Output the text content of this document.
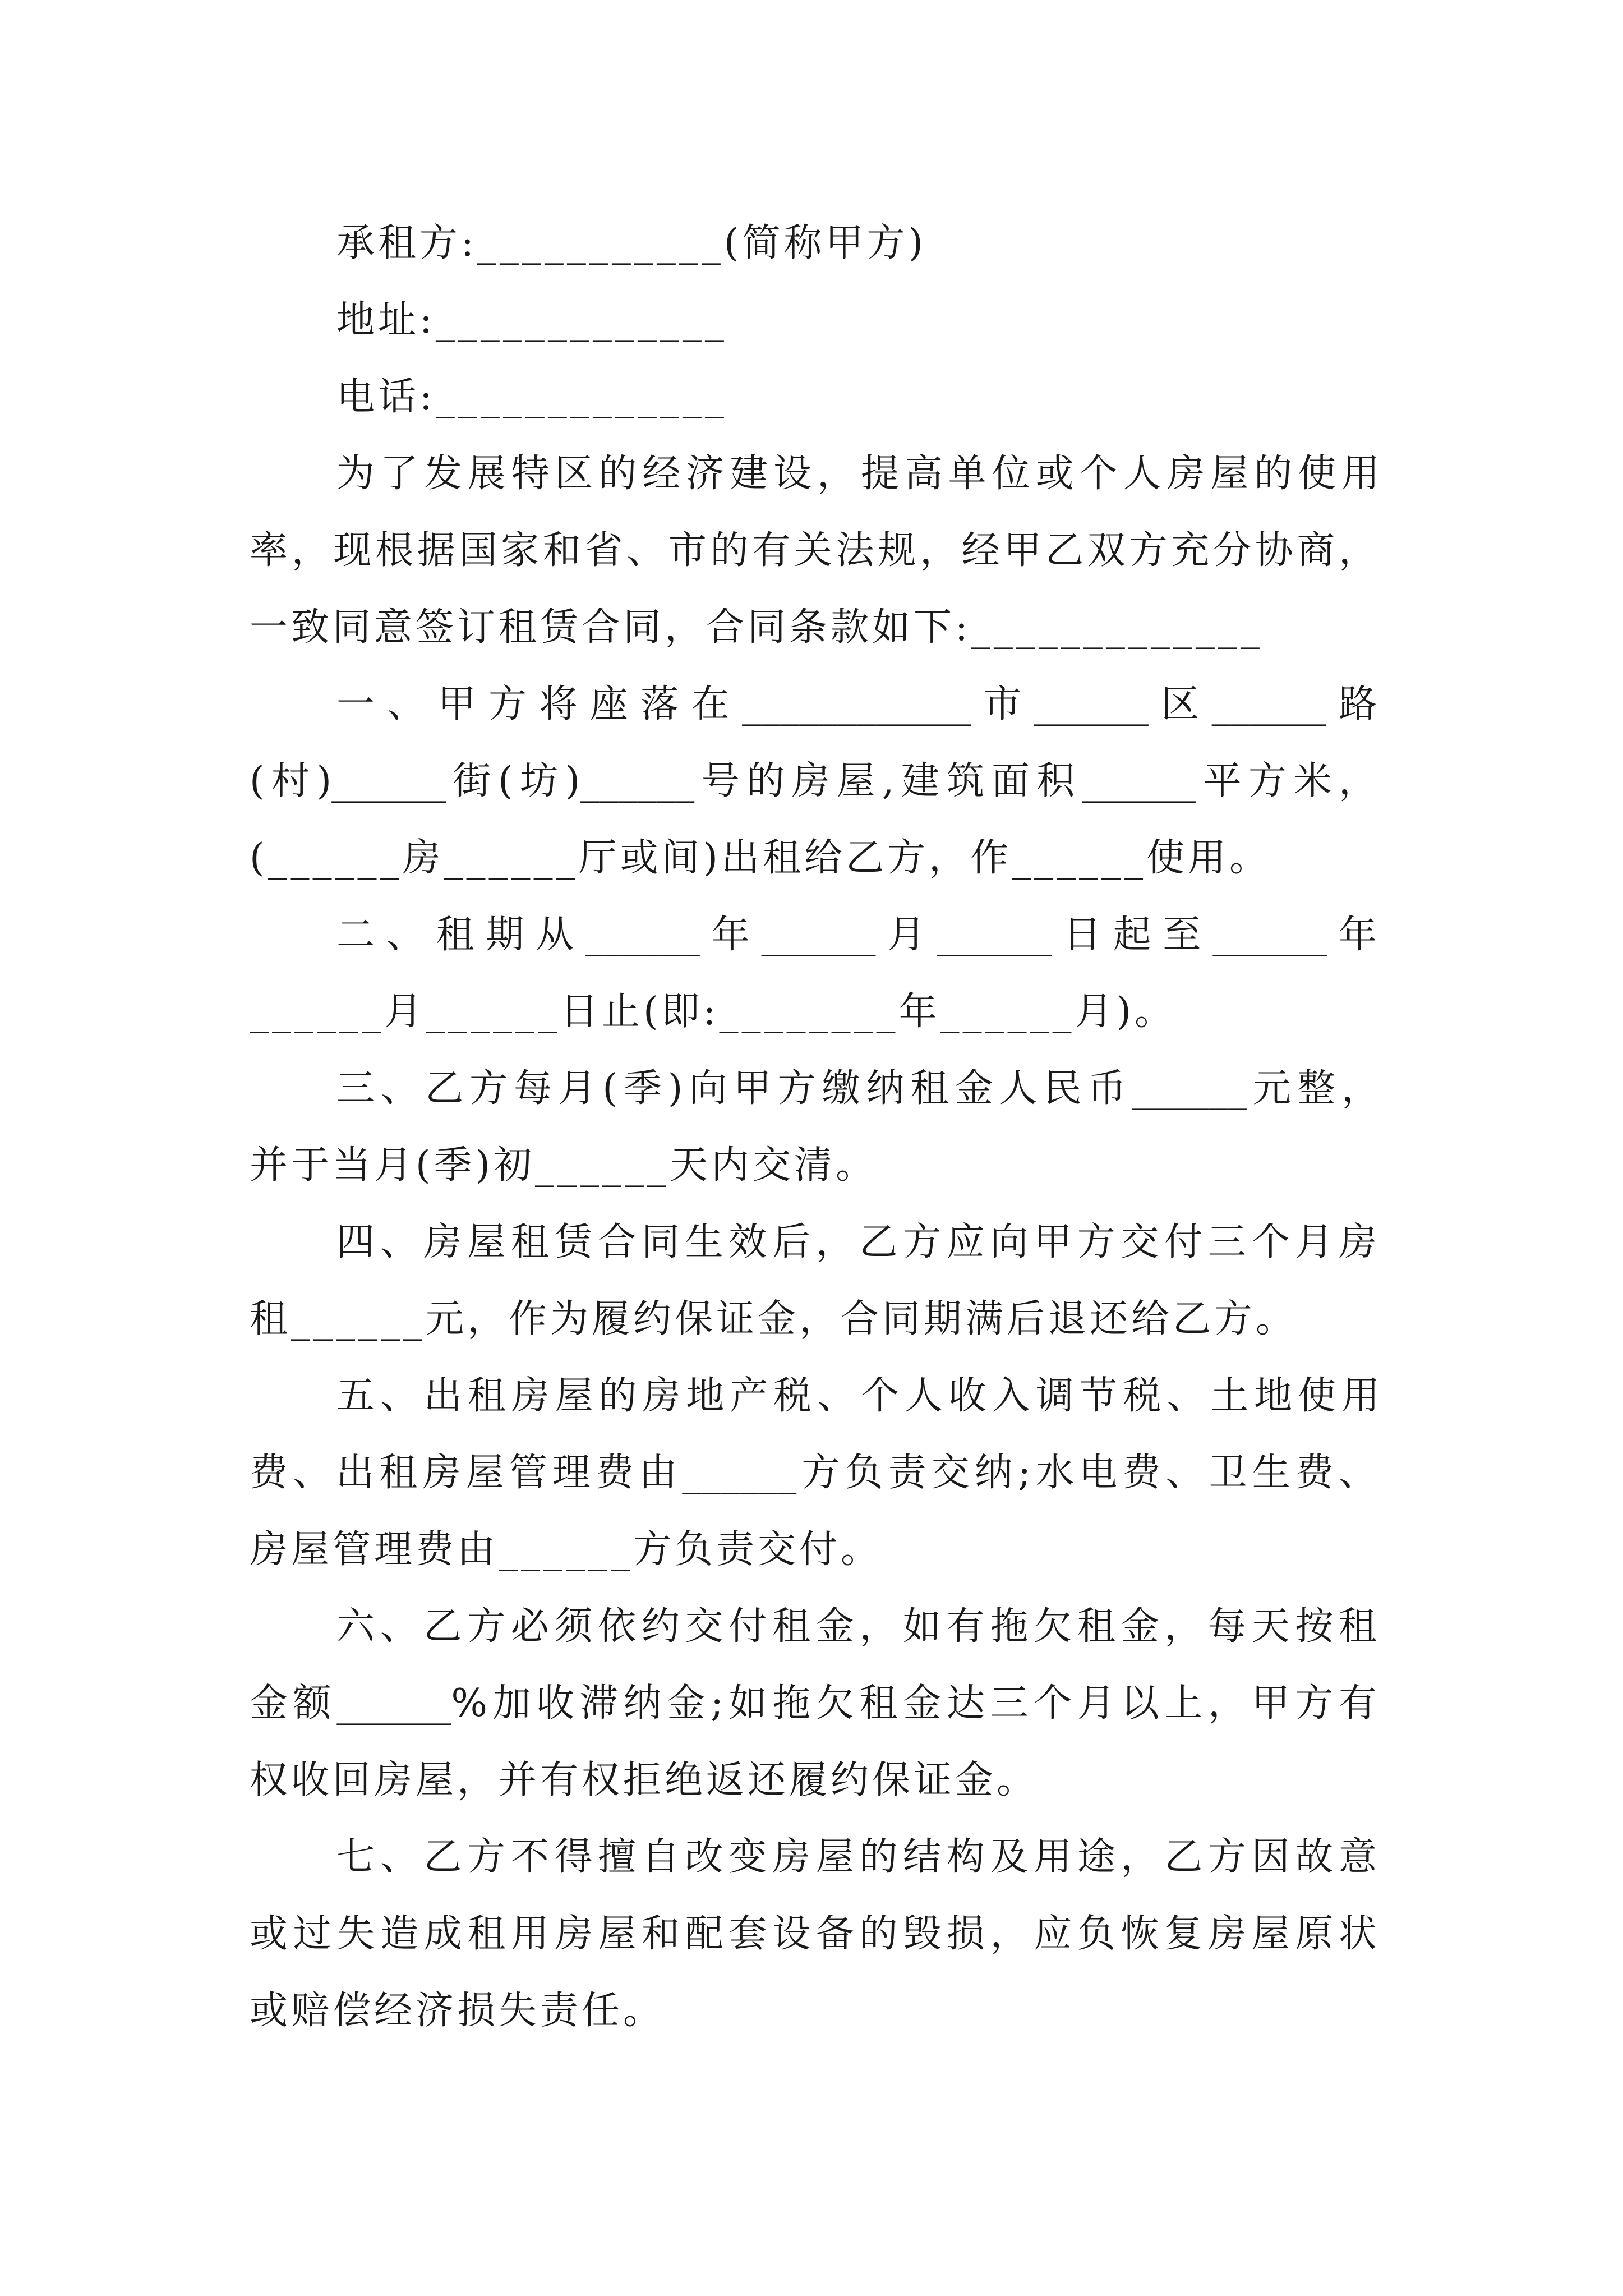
承租方:___________(简称甲方)
地址:_____________
电话:_____________
为了发展特区的经济建设，提高单位或个人房屋的使用
率，现根据国家和省、市的有关法规，经甲乙双方充分协商，
一致同意签订租赁合同，合同条款如下:_____________
一、甲方将座落在____________市______区______路
(村)______街(坊)______号的房屋,建筑面积______平方米，
(______房______厅或间)出租给乙方，作______使用。
二、租期从______年______月______日起至______年
______月______日止(即:________年______月)。
三、乙方每月(季)向甲方缴纳租金人民币______元整，
并于当月(季)初______天内交清。
四、房屋租赁合同生效后，乙方应向甲方交付三个月房
租______元，作为履约保证金，合同期满后退还给乙方。
五、出租房屋的房地产税、个人收入调节税、土地使用
费、出租房屋管理费由______方负责交纳;水电费、卫生费、
房屋管理费由______方负责交付。
六、乙方必须依约交付租金，如有拖欠租金，每天按租
金额______%加收滞纳金;如拖欠租金达三个月以上，甲方有
权收回房屋，并有权拒绝返还履约保证金。
七、乙方不得擅自改变房屋的结构及用途，乙方因故意
或过失造成租用房屋和配套设备的毁损，应负恢复房屋原状
或赔偿经济损失责任。
